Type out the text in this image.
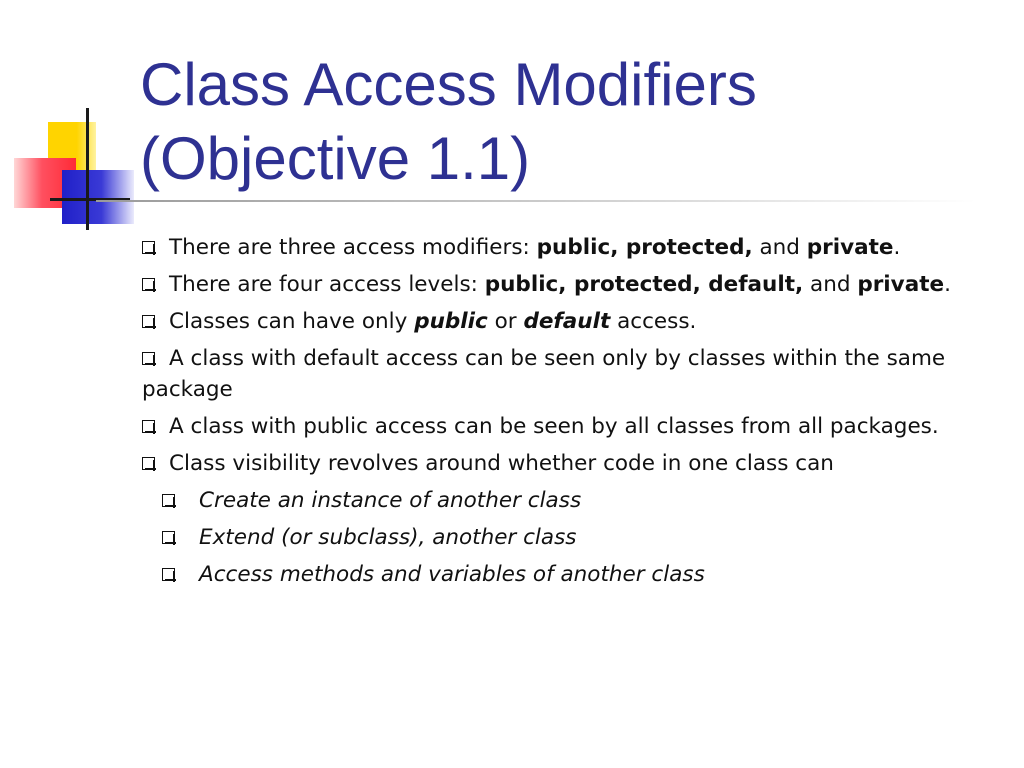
Class Access Modifiers
(Objective 1.1)
There are three access modifiers: public, protected, and private.
There are four access levels: public, protected, default, and private.
Classes can have only public or default access.
A class with default access can be seen only by classes within the same package
A class with public access can be seen by all classes from all packages.
Class visibility revolves around whether code in one class can
Create an instance of another class
Extend (or subclass), another class
Access methods and variables of another class
